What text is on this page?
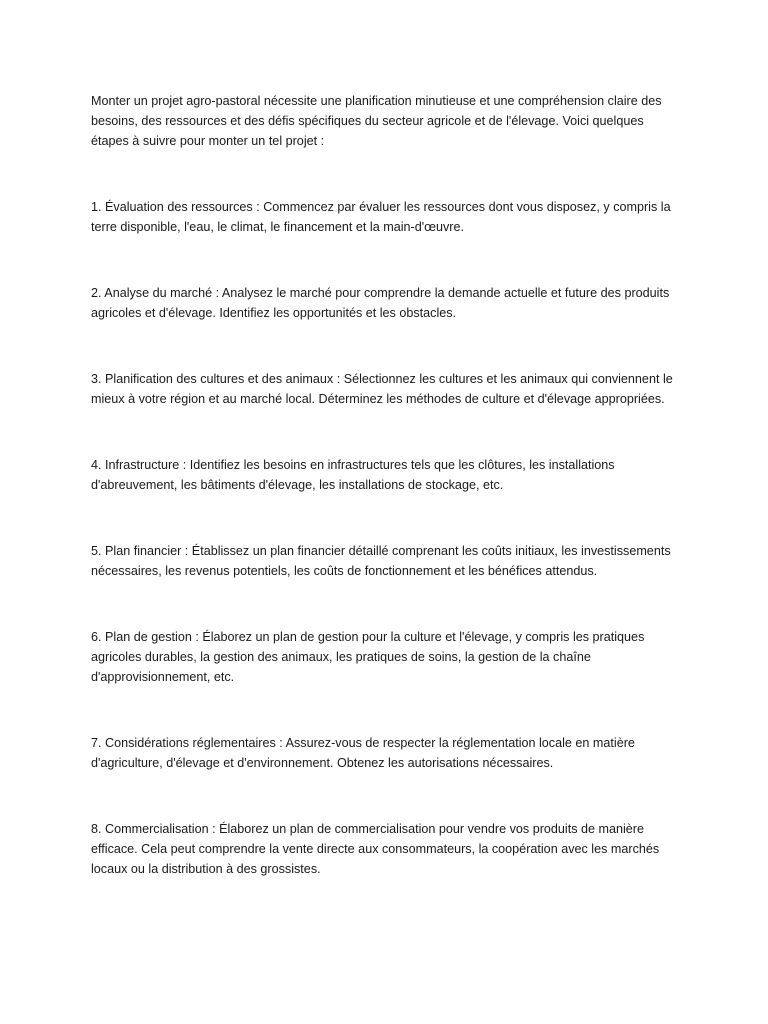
Monter un projet agro-pastoral nécessite une planification minutieuse et une compréhension claire des besoins, des ressources et des défis spécifiques du secteur agricole et de l'élevage. Voici quelques étapes à suivre pour monter un tel projet :

1. Évaluation des ressources : Commencez par évaluer les ressources dont vous disposez, y compris la terre disponible, l'eau, le climat, le financement et la main-d'œuvre.

2. Analyse du marché : Analysez le marché pour comprendre la demande actuelle et future des produits agricoles et d'élevage. Identifiez les opportunités et les obstacles.

3. Planification des cultures et des animaux : Sélectionnez les cultures et les animaux qui conviennent le mieux à votre région et au marché local. Déterminez les méthodes de culture et d'élevage appropriées.

4. Infrastructure : Identifiez les besoins en infrastructures tels que les clôtures, les installations d'abreuvement, les bâtiments d'élevage, les installations de stockage, etc.

5. Plan financier : Établissez un plan financier détaillé comprenant les coûts initiaux, les investissements nécessaires, les revenus potentiels, les coûts de fonctionnement et les bénéfices attendus.

6. Plan de gestion : Élaborez un plan de gestion pour la culture et l'élevage, y compris les pratiques agricoles durables, la gestion des animaux, les pratiques de soins, la gestion de la chaîne d'approvisionnement, etc.

7. Considérations réglementaires : Assurez-vous de respecter la réglementation locale en matière d'agriculture, d'élevage et d'environnement. Obtenez les autorisations nécessaires.

8. Commercialisation : Élaborez un plan de commercialisation pour vendre vos produits de manière efficace. Cela peut comprendre la vente directe aux consommateurs, la coopération avec les marchés locaux ou la distribution à des grossistes.
